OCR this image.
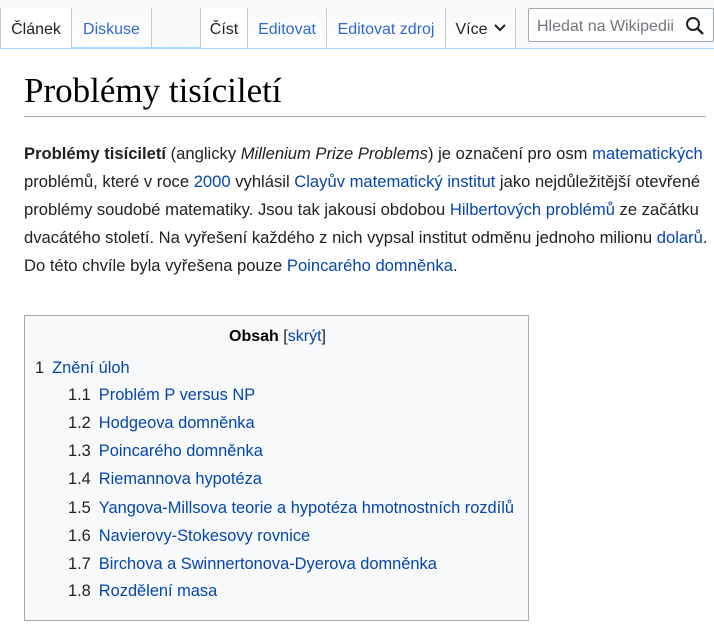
Článek	Diskuse	Číst	Editovat	Editovat zdroj	Více	Hledat na Wikipedii
Problémy tisíciletí

Problémy tisíciletí (anglicky Millenium Prize Problems) je označení pro osm matematických problémů, které v roce 2000 vyhlásil Clayův matematický institut jako nejdůležitější otevřené problémy soudobé matematiky. Jsou tak jakousi obdobou Hilbertových problémů ze začátku dvacátého století. Na vyřešení každého z nich vypsal institut odměnu jednoho milionu dolarů. Do této chvíle byla vyřešena pouze Poincarého domněnka.

Obsah [skrýt]
1 Znění úloh
1.1 Problém P versus NP
1.2 Hodgeova domněnka
1.3 Poincarého domněnka
1.4 Riemannova hypotéza
1.5 Yangova-Millsova teorie a hypotéza hmotnostních rozdílů
1.6 Navierovy-Stokesovy rovnice
1.7 Birchova a Swinnertonova-Dyerova domněnka
1.8 Rozdělení masa
